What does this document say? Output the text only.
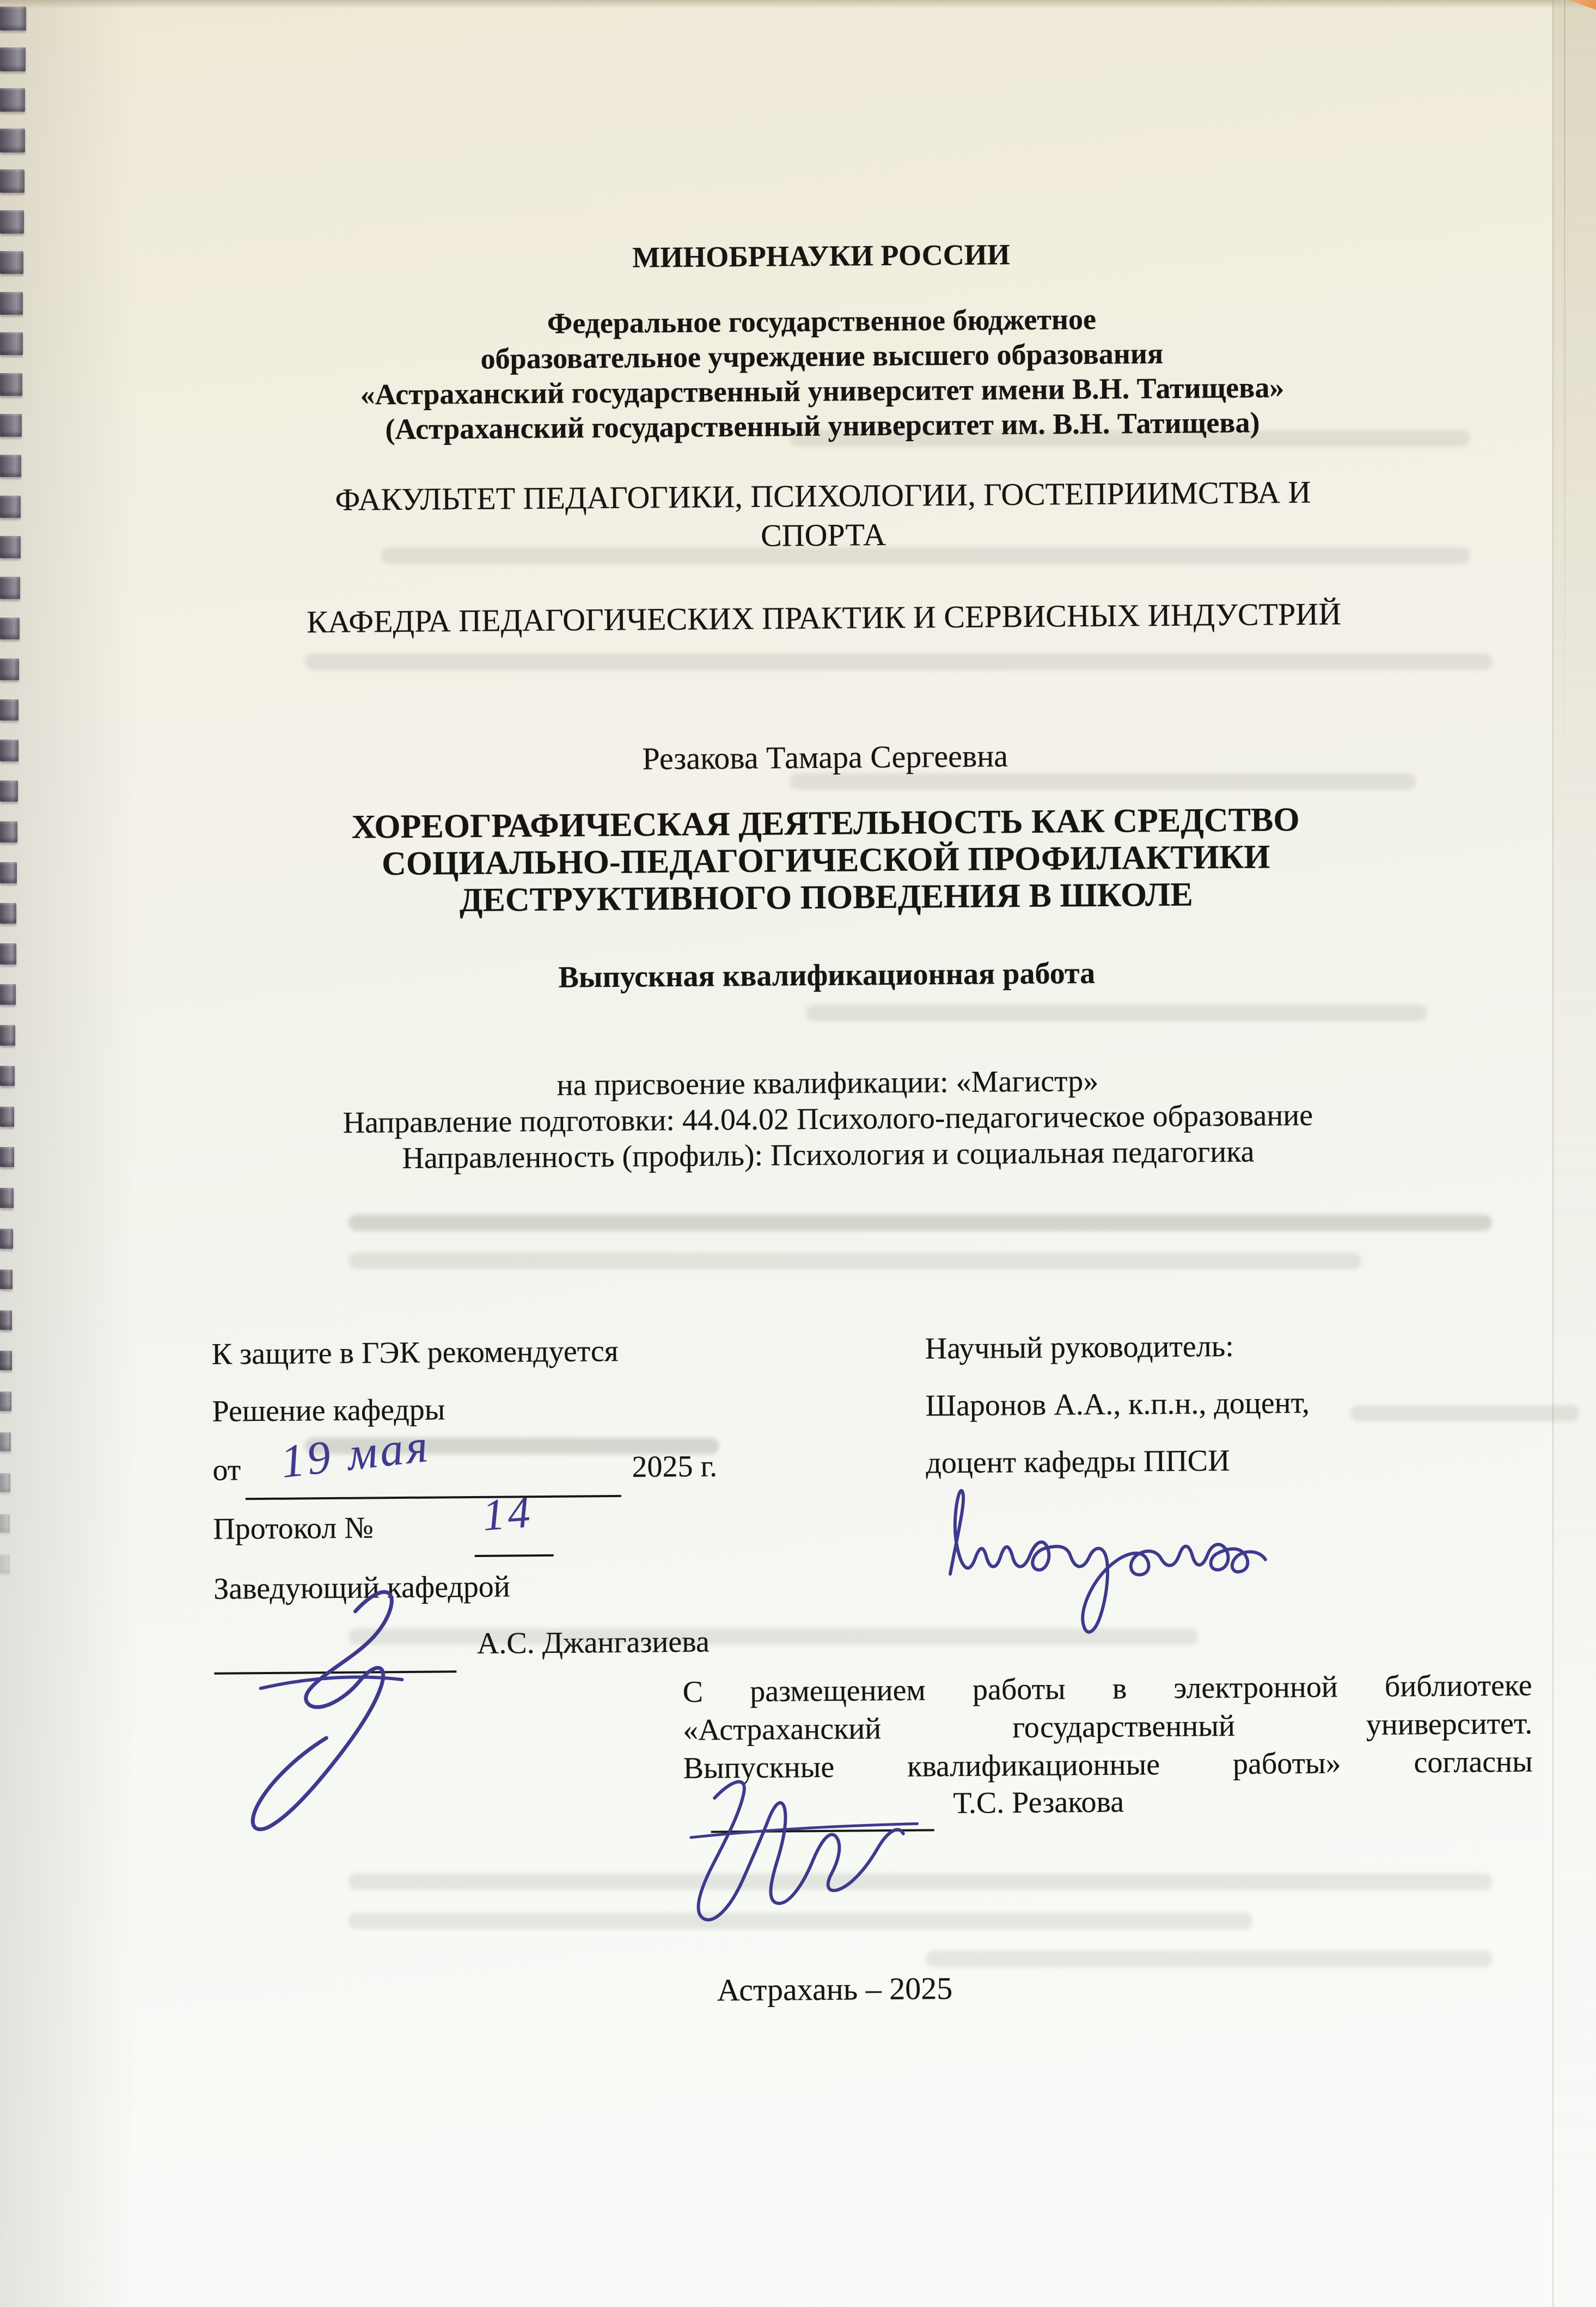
МИНОБРНАУКИ РОССИИ
Федеральное государственное бюджетное
образовательное учреждение высшего образования
«Астраханский государственный университет имени В.Н. Татищева»
(Астраханский государственный университет им. В.Н. Татищева)
ФАКУЛЬТЕТ ПЕДАГОГИКИ, ПСИХОЛОГИИ, ГОСТЕПРИИМСТВА И
СПОРТА
КАФЕДРА ПЕДАГОГИЧЕСКИХ ПРАКТИК И СЕРВИСНЫХ ИНДУСТРИЙ
Резакова Тамара Сергеевна
ХОРЕОГРАФИЧЕСКАЯ ДЕЯТЕЛЬНОСТЬ КАК СРЕДСТВО
СОЦИАЛЬНО-ПЕДАГОГИЧЕСКОЙ ПРОФИЛАКТИКИ
ДЕСТРУКТИВНОГО ПОВЕДЕНИЯ В ШКОЛЕ
Выпускная квалификационная работа
на присвоение квалификации: «Магистр»
Направление подготовки: 44.04.02 Психолого-педагогическое образование
Направленность (профиль): Психология и социальная педагогика
К защите в ГЭК рекомендуется
Решение кафедры
от 19 мая	2025 г.
Протокол № 14
Заведующий кафедрой
А.С. Джангазиева
Научный руководитель:
Шаронов А.А., к.п.н., доцент,
доцент кафедры ППСИ
С размещением работы в электронной библиотеке
«Астраханский государственный университет.
Выпускные квалификационные работы» согласны
Т.С. Резакова
Астрахань – 2025
